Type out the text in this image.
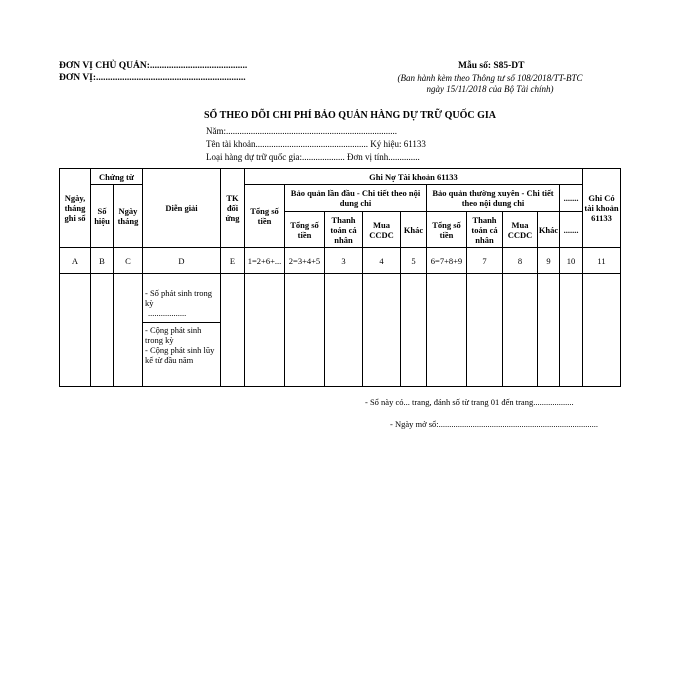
ĐƠN VỊ CHỦ QUẢN:.........................................
ĐƠN VỊ:...............................................................
Mẫu số: S85-DT
(Ban hành kèm theo Thông tư số 108/2018/TT-BTC
ngày 15/11/2018 của Bộ Tài chính)
SỔ THEO DÕI CHI PHÍ BẢO QUẢN HÀNG DỰ TRỮ QUỐC GIA
Năm:............................................................................
Tên tài khoản.................................................. Ký hiệu: 61133
Loại hàng dự trữ quốc gia:................... Đơn vị tính..............
Ngày, tháng ghi sổ	Chứng từ		Diễn giải	TK đối ứng	Ghi Nợ Tài khoản 61133										Ghi Có tài khoản 61133
	Số hiệu	Ngày tháng			Tổng số tiền	Bảo quản lần đầu - Chi tiết theo nội dung chi				Bảo quản thường xuyên - Chi tiết theo nội dung chi				.......	
						Tổng số tiền	Thanh toán cá nhân	Mua CCDC	Khác	Tổng số tiền	Thanh toán cá nhân	Mua CCDC	Khác	.......	
A	B	C	D	E	1=2+6+...	2=3+4+5	3	4	5	6=7+8+9	7	8	9	10	11

			- Số phát sinh trong kỳ
..................
- Cộng phát sinh trong kỳ
- Cộng phát sinh lũy kế từ đầu năm												

- Sổ này có... trang, đánh số từ trang 01 đến trang...................
- Ngày mở sổ:...........................................................................
